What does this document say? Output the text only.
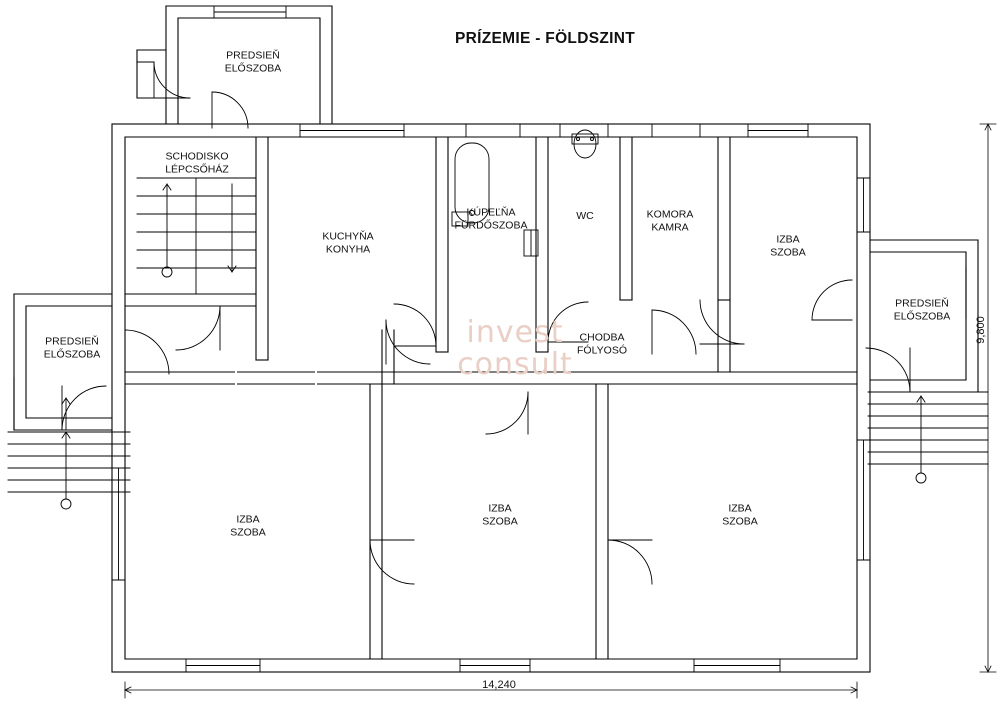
PRÍZEMIE - FÖLDSZINT
invest
consult
PREDSIEŇ
ELŐSZOBA
SCHODISKO
LÉPCSŐHÁZ
KUCHYŇA
KONYHA
KÚPEĽŇA
FÜRDŐSZOBA
WC	KOMORA
KAMRA
IZBA
SZOBA
PREDSIEŇ
ELŐSZOBA
PREDSIEŇ
ELŐSZOBA
CHODBA
FÓLYOSÓ
IZBA
SZOBA
IZBA
SZOBA
IZBA
SZOBA
14,240
9,800
